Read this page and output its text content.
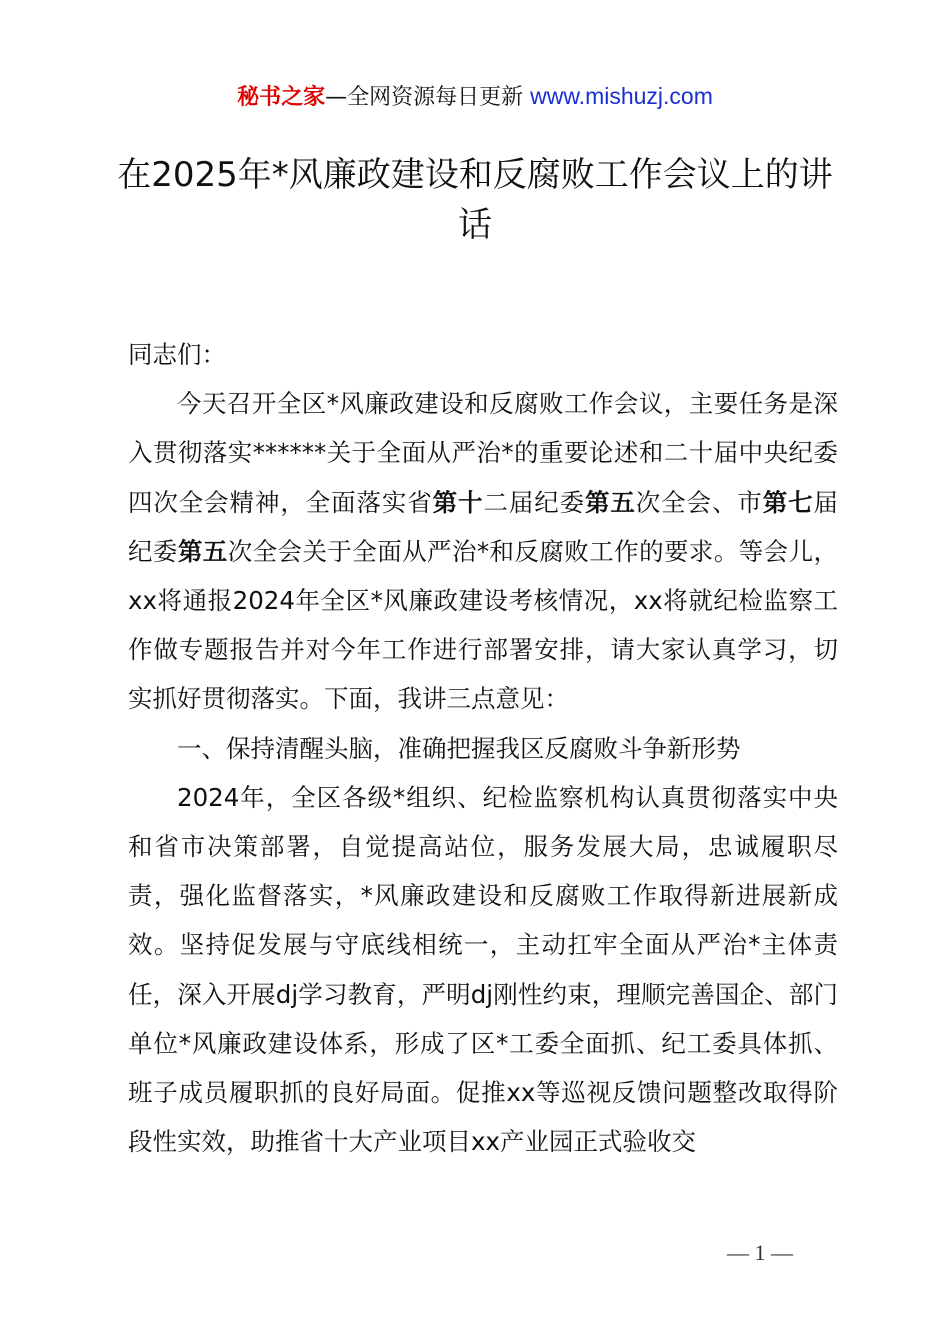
秘书之家—全网资源每日更新 www.mishuzj.com
在2025年*风廉政建设和反腐败工作会议上的讲话

同志们：

今天召开全区*风廉政建设和反腐败工作会议，主要任务是深入贯彻落实******关于全面从严治*的重要论述和二十届中央纪委四次全会精神，全面落实省第十二届纪委第五次全会、市第七届纪委第五次全会关于全面从严治*和反腐败工作的要求。等会儿，xx将通报2024年全区*风廉政建设考核情况，xx将就纪检监察工作做专题报告并对今年工作进行部署安排，请大家认真学习，切实抓好贯彻落实。下面，我讲三点意见：

一、保持清醒头脑，准确把握我区反腐败斗争新形势

2024年，全区各级*组织、纪检监察机构认真贯彻落实中央和省市决策部署，自觉提高站位，服务发展大局，忠诚履职尽责，强化监督落实，*风廉政建设和反腐败工作取得新进展新成效。坚持促发展与守底线相统一，主动扛牢全面从严治*主体责任，深入开展dj学习教育，严明dj刚性约束，理顺完善国企、部门单位*风廉政建设体系，形成了区*工委全面抓、纪工委具体抓、班子成员履职抓的良好局面。促推xx等巡视反馈问题整改取得阶段性实效，助推省十大产业项目xx产业园正式验收交

— 1 —
